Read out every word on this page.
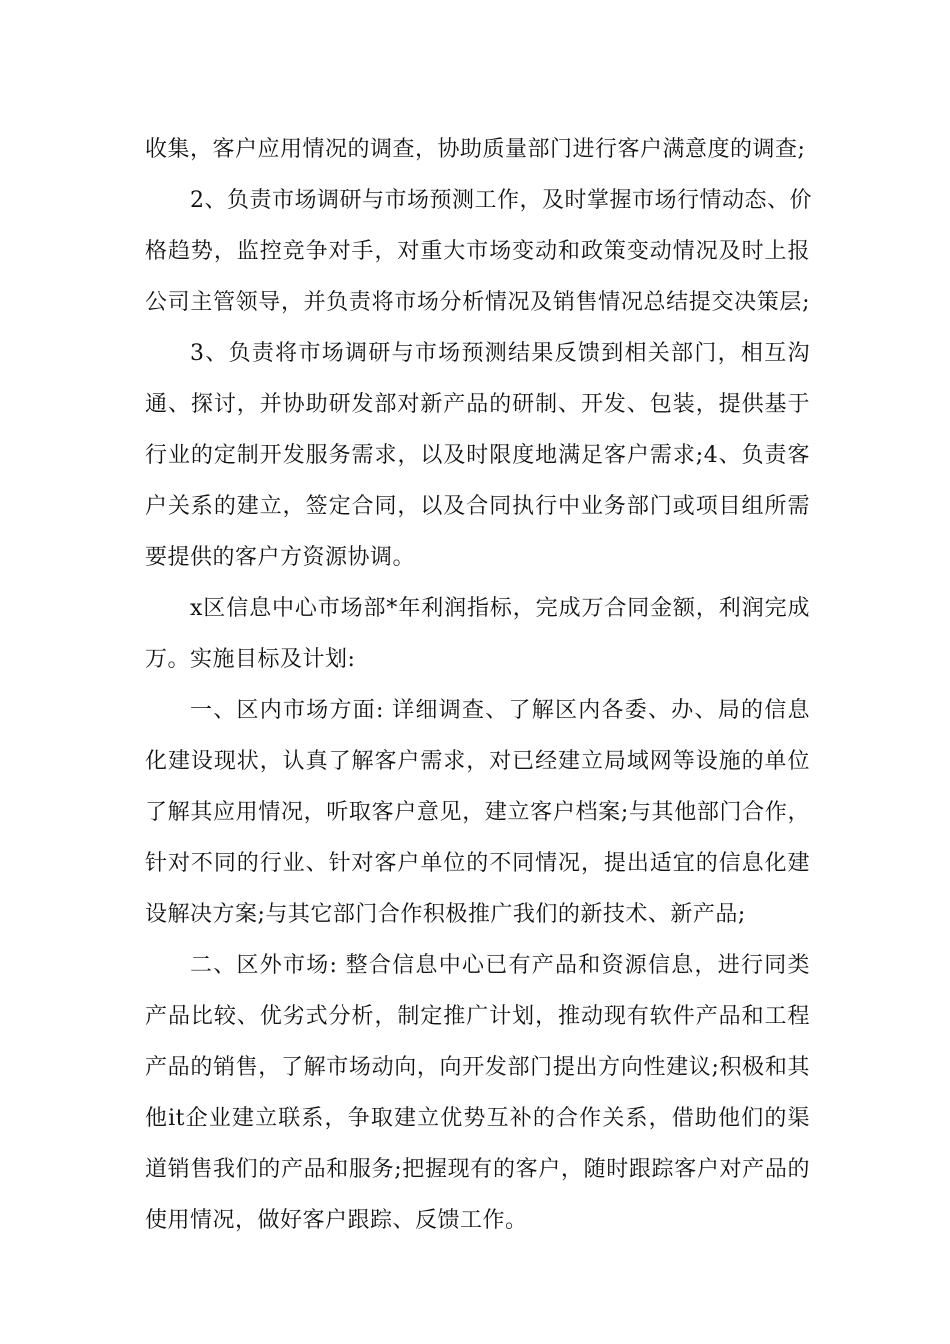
收集，客户应用情况的调查，协助质量部门进行客户满意度的调查;
2、负责市场调研与市场预测工作，及时掌握市场行情动态、价
格趋势，监控竞争对手，对重大市场变动和政策变动情况及时上报
公司主管领导，并负责将市场分析情况及销售情况总结提交决策层;
3、负责将市场调研与市场预测结果反馈到相关部门，相互沟
通、探讨，并协助研发部对新产品的研制、开发、包装，提供基于
行业的定制开发服务需求，以及时限度地满足客户需求;4、负责客
户关系的建立，签定合同，以及合同执行中业务部门或项目组所需
要提供的客户方资源协调。
x区信息中心市场部*年利润指标，完成万合同金额，利润完成
万。实施目标及计划:
一、区内市场方面: 详细调查、了解区内各委、办、局的信息
化建设现状，认真了解客户需求，对已经建立局域网等设施的单位
了解其应用情况，听取客户意见，建立客户档案;与其他部门合作，
针对不同的行业、针对客户单位的不同情况，提出适宜的信息化建
设解决方案;与其它部门合作积极推广我们的新技术、新产品;
二、区外市场: 整合信息中心已有产品和资源信息，进行同类
产品比较、优劣式分析，制定推广计划，推动现有软件产品和工程
产品的销售，了解市场动向，向开发部门提出方向性建议;积极和其
他it企业建立联系，争取建立优势互补的合作关系，借助他们的渠
道销售我们的产品和服务;把握现有的客户，随时跟踪客户对产品的
使用情况，做好客户跟踪、反馈工作。
